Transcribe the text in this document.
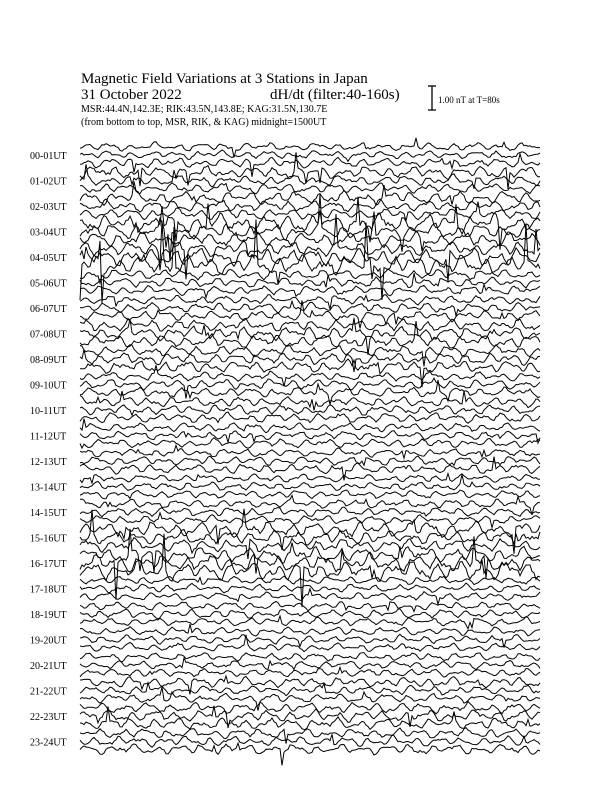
Magnetic Field Variations at 3 Stations in Japan
31 October 2022	dH/dt (filter:40-160s)
MSR:44.4N,142.3E; RIK:43.5N,143.8E; KAG:31.5N,130.7E
(from bottom to top, MSR, RIK, & KAG) midnight=1500UT
1.00 nT at T=80s
00-01UT
01-02UT
02-03UT
03-04UT
04-05UT
05-06UT
06-07UT
07-08UT
08-09UT
09-10UT
10-11UT
11-12UT
12-13UT
13-14UT
14-15UT
15-16UT
16-17UT
17-18UT
18-19UT
19-20UT
20-21UT
21-22UT
22-23UT
23-24UT
